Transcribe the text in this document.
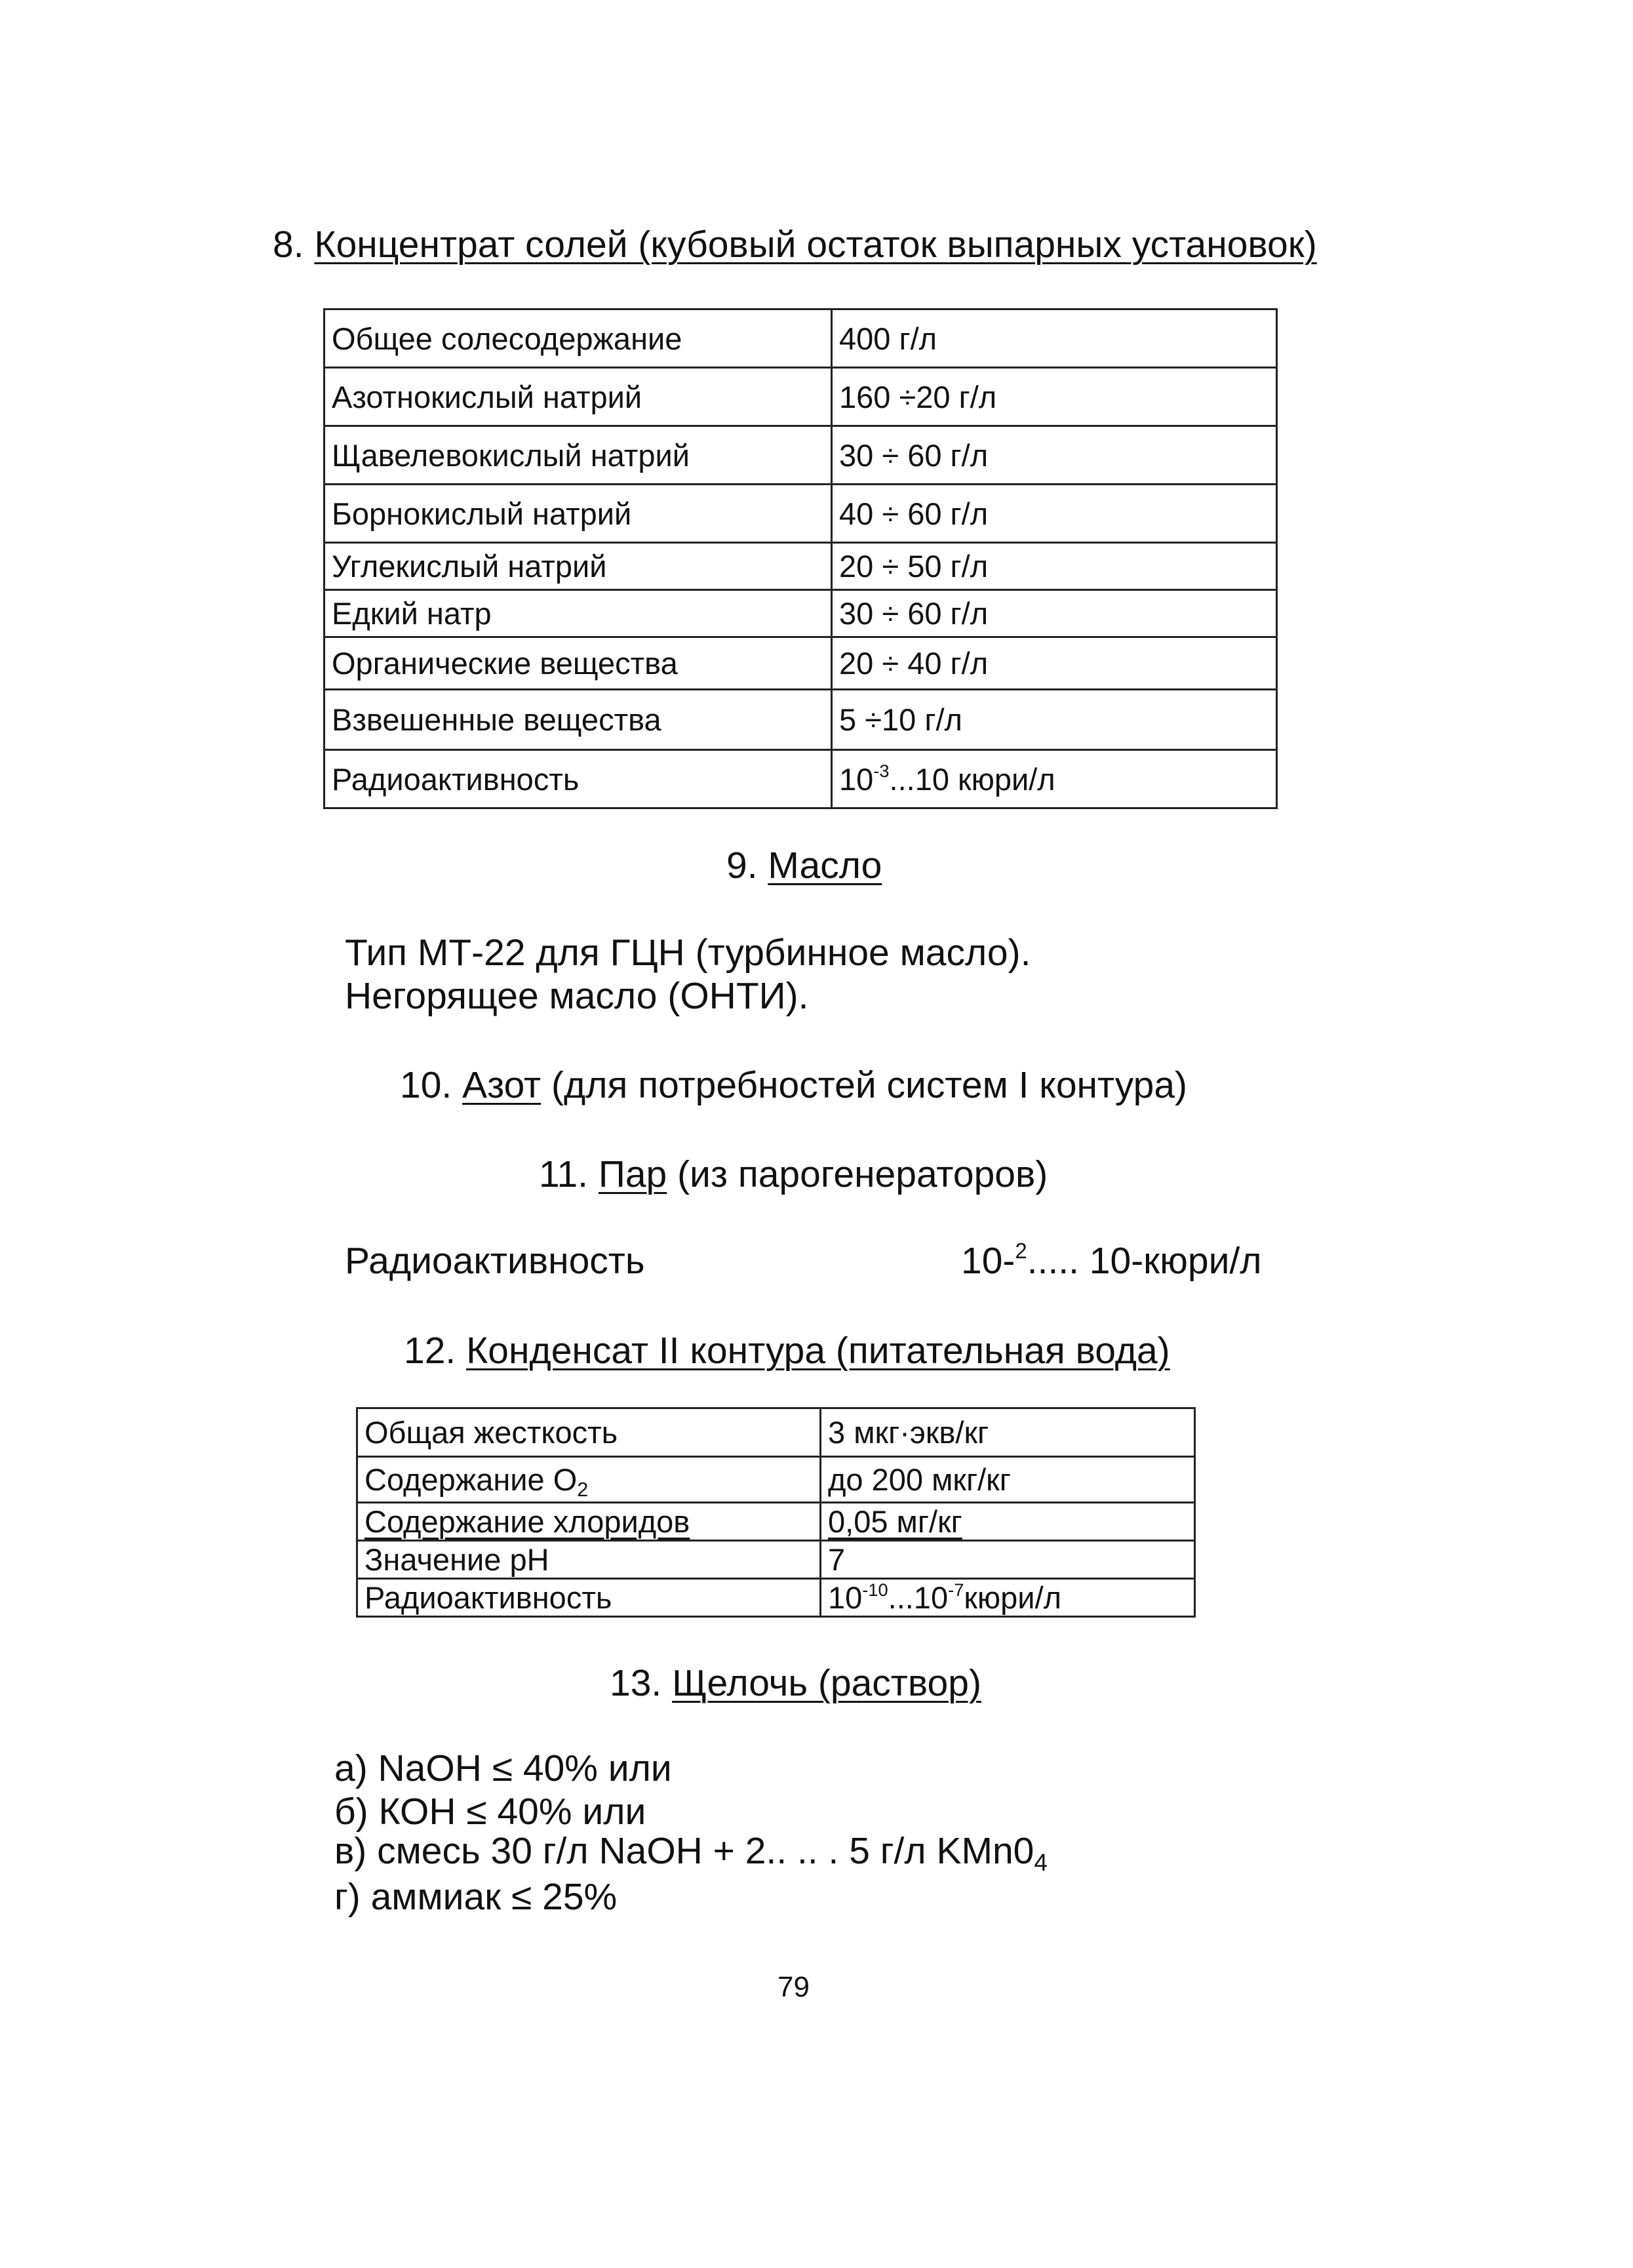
8. Концентрат солей (кубовый остаток выпарных установок)
Общее солесодержание	400 г/л
Азотнокислый натрий	160 ÷20 г/л
Щавелевокислый натрий	30 ÷ 60 г/л
Борнокислый натрий	40 ÷ 60 г/л
Углекислый натрий	20 ÷ 50 г/л
Едкий натр	30 ÷ 60 г/л
Органические вещества	20 ÷ 40 г/л
Взвешенные вещества	5 ÷10 г/л
Радиоактивность	$10^{-3}...10$ кюри/л
9. Масло
Тип МТ-22 для ГЦН (турбинное масло).
Негорящее масло (ОНТИ).
10. Азот (для потребностей систем I контура)
11. Пар (из парогенераторов)
Радиоактивность	10-$^2$..... 10-кюри/л
12. Конденсат II контура (питательная вода)
Общая жесткость	3 мкг·экв/кг
Содержание $O_2$	до 200 мкг/кг
Содержание хлоридов	0,05 мг/кг
Значение рН	7
Радиоактивность	$10^{-10}...10^{-7}кюри/л$
13. Щелочь (раствор)
а) NaOH ≤ 40% или
б) КОН ≤ 40% или
в) смесь 30 г/л NaOH + 2.. .. . 5 г/л $KMn0_4$
г) аммиак ≤ 25%
79
